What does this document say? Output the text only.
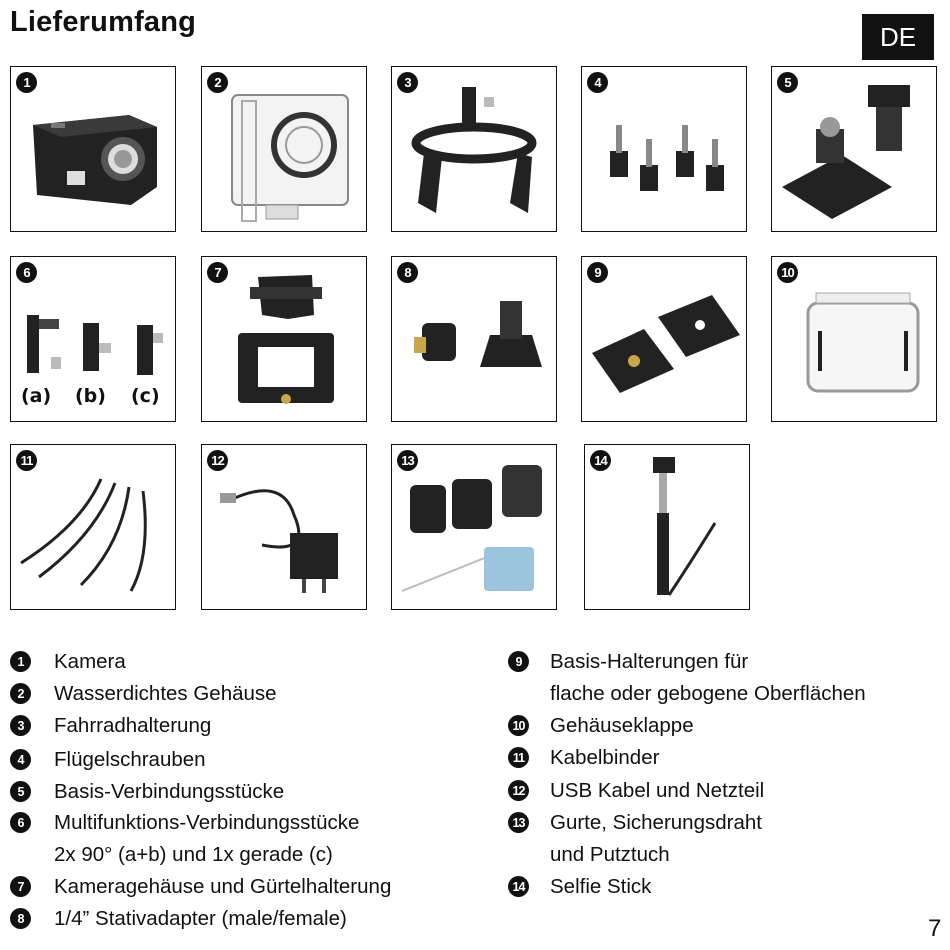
Lieferumfang	DE
1	2	3	4	5
6
(a) (b) (c)
7	8	9	10
11	12	13	14
1	Kamera
2	Wasserdichtes Gehäuse
3	Fahrradhalterung
4	Flügelschrauben
5	Basis-Verbindungsstücke
6	Multifunktions-Verbindungsstücke
2x 90° (a+b) und 1x gerade (c)
7	Kameragehäuse und Gürtelhalterung
8	1/4” Stativadapter (male/female)
9	Basis-Halterungen für
flache oder gebogene Oberflächen
10 Gehäuseklappe
11 Kabelbinder
12 USB Kabel und Netzteil
13 Gurte, Sicherungsdraht
und Putztuch
14 Selfie Stick
7
